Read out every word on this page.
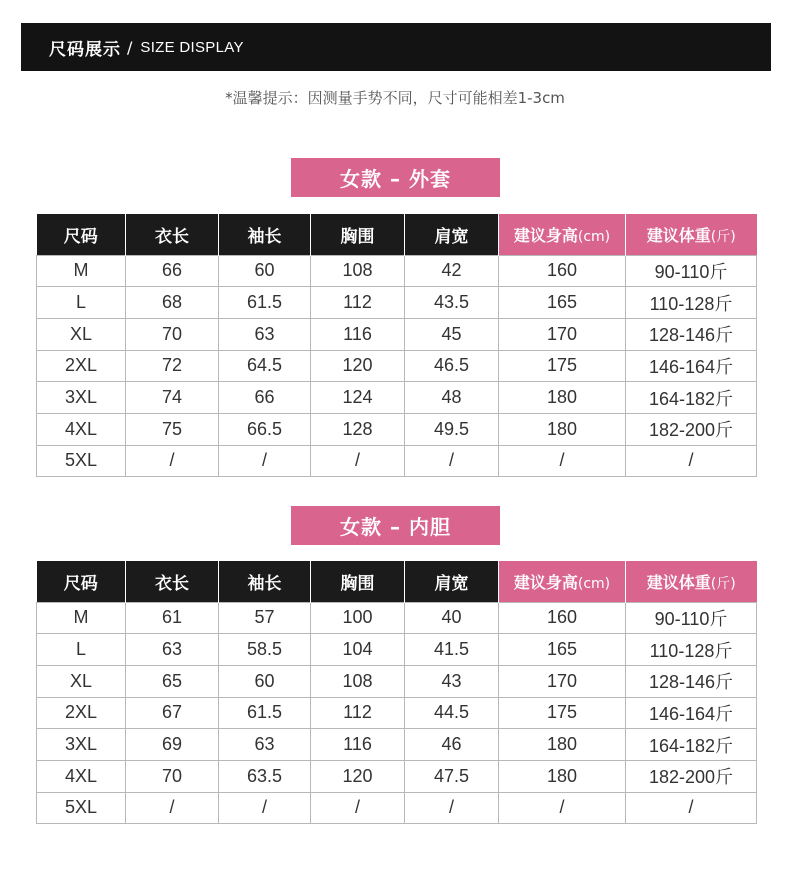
尺码展示 / SIZE DISPLAY
*温馨提示：因测量手势不同，尺寸可能相差1-3cm
女款 – 外套
尺码	衣长	袖长	胸围	肩宽	建议身高(cm)	建议体重(斤)
M	66	60	108	42	160	90-110斤
L	68	61.5	112	43.5	165	110-128斤
XL	70	63	116	45	170	128-146斤
2XL	72	64.5	120	46.5	175	146-164斤
3XL	74	66	124	48	180	164-182斤
4XL	75	66.5	128	49.5	180	182-200斤
5XL	/	/	/	/	/	/
女款 – 内胆
尺码	衣长	袖长	胸围	肩宽	建议身高(cm)	建议体重(斤)
M	61	57	100	40	160	90-110斤
L	63	58.5	104	41.5	165	110-128斤
XL	65	60	108	43	170	128-146斤
2XL	67	61.5	112	44.5	175	146-164斤
3XL	69	63	116	46	180	164-182斤
4XL	70	63.5	120	47.5	180	182-200斤
5XL	/	/	/	/	/	/
